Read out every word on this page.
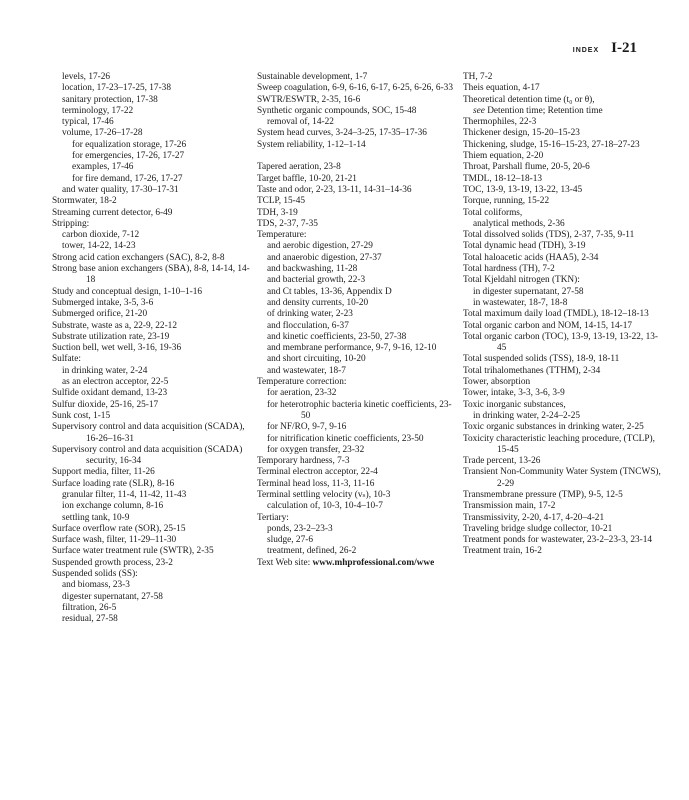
INDEX I-21

levels, 17-26

location, 17-23–17-25, 17-38

sanitary protection, 17-38

terminology, 17-22

typical, 17-46

volume, 17-26–17-28

for equalization storage, 17-26

for emergencies, 17-26, 17-27

examples, 17-46

for fire demand, 17-26, 17-27

and water quality, 17-30–17-31

Stormwater, 18-2

Streaming current detector, 6-49

Stripping:

carbon dioxide, 7-12

tower, 14-22, 14-23

Strong acid cation exchangers (SAC), 8-2, 8-8

Strong base anion exchangers (SBA), 8-8, 14-14, 14-18

Study and conceptual design, 1-10–1-16

Submerged intake, 3-5, 3-6

Submerged orifice, 21-20

Substrate, waste as a, 22-9, 22-12

Substrate utilization rate, 23-19

Suction bell, wet well, 3-16, 19-36

Sulfate:

in drinking water, 2-24

as an electron acceptor, 22-5

Sulfide oxidant demand, 13-23

Sulfur dioxide, 25-16, 25-17

Sunk cost, 1-15

Supervisory control and data acquisition (SCADA), 16-26–16-31

Supervisory control and data acquisition (SCADA) security, 16-34

Support media, filter, 11-26

Surface loading rate (SLR), 8-16

granular filter, 11-4, 11-42, 11-43

ion exchange column, 8-16

settling tank, 10-9

Surface overflow rate (SOR), 25-15

Surface wash, filter, 11-29–11-30

Surface water treatment rule (SWTR), 2-35

Suspended growth process, 23-2

Suspended solids (SS):

and biomass, 23-3

digester supernatant, 27-58

filtration, 26-5

residual, 27-58

Sustainable development, 1-7

Sweep coagulation, 6-9, 6-16, 6-17, 6-25, 6-26, 6-33

SWTR/ESWTR, 2-35, 16-6

Synthetic organic compounds, SOC, 15-48

removal of, 14-22

System head curves, 3-24–3-25, 17-35–17-36

System reliability, 1-12–1-14

Tapered aeration, 23-8

Target baffle, 10-20, 21-21

Taste and odor, 2-23, 13-11, 14-31–14-36

TCLP, 15-45

TDH, 3-19

TDS, 2-37, 7-35

Temperature:

and aerobic digestion, 27-29

and anaerobic digestion, 27-37

and backwashing, 11-28

and bacterial growth, 22-3

and Ct tables, 13-36, Appendix D

and density currents, 10-20

of drinking water, 2-23

and flocculation, 6-37

and kinetic coefficients, 23-50, 27-38

and membrane performance, 9-7, 9-16, 12-10

and short circuiting, 10-20

and wastewater, 18-7

Temperature correction:

for aeration, 23-32

for heterotrophic bacteria kinetic coefficients, 23-50

for NF/RO, 9-7, 9-16

for nitrification kinetic coefficients, 23-50

for oxygen transfer, 23-32

Temporary hardness, 7-3

Terminal electron acceptor, 22-4

Terminal head loss, 11-3, 11-16

Terminal settling velocity (vₛ), 10-3

calculation of, 10-3, 10-4–10-7

Tertiary:

ponds, 23-2–23-3

sludge, 27-6

treatment, defined, 26-2

Text Web site: www.mhprofessional.com/wwe

TH, 7-2

Theis equation, 4-17

Theoretical detention time (t₀ or θ),

see Detention time; Retention time

Thermophiles, 22-3

Thickener design, 15-20–15-23

Thickening, sludge, 15-16–15-23, 27-18–27-23

Thiem equation, 2-20

Throat, Parshall flume, 20-5, 20-6

TMDL, 18-12–18-13

TOC, 13-9, 13-19, 13-22, 13-45

Torque, running, 15-22

Total coliforms,

analytical methods, 2-36

Total dissolved solids (TDS), 2-37, 7-35, 9-11

Total dynamic head (TDH), 3-19

Total haloacetic acids (HAA5), 2-34

Total hardness (TH), 7-2

Total Kjeldahl nitrogen (TKN):

in digester supernatant, 27-58

in wastewater, 18-7, 18-8

Total maximum daily load (TMDL), 18-12–18-13

Total organic carbon and NOM, 14-15, 14-17

Total organic carbon (TOC), 13-9, 13-19, 13-22, 13-45

Total suspended solids (TSS), 18-9, 18-11

Total trihalomethanes (TTHM), 2-34

Tower, absorption

Tower, intake, 3-3, 3-6, 3-9

Toxic inorganic substances,

in drinking water, 2-24–2-25

Toxic organic substances in drinking water, 2-25

Toxicity characteristic leaching procedure, (TCLP), 15-45

Trade percent, 13-26

Transient Non-Community Water System (TNCWS), 2-29

Transmembrane pressure (TMP), 9-5, 12-5

Transmission main, 17-2

Transmissivity, 2-20, 4-17, 4-20–4-21

Traveling bridge sludge collector, 10-21

Treatment ponds for wastewater, 23-2–23-3, 23-14

Treatment train, 16-2
